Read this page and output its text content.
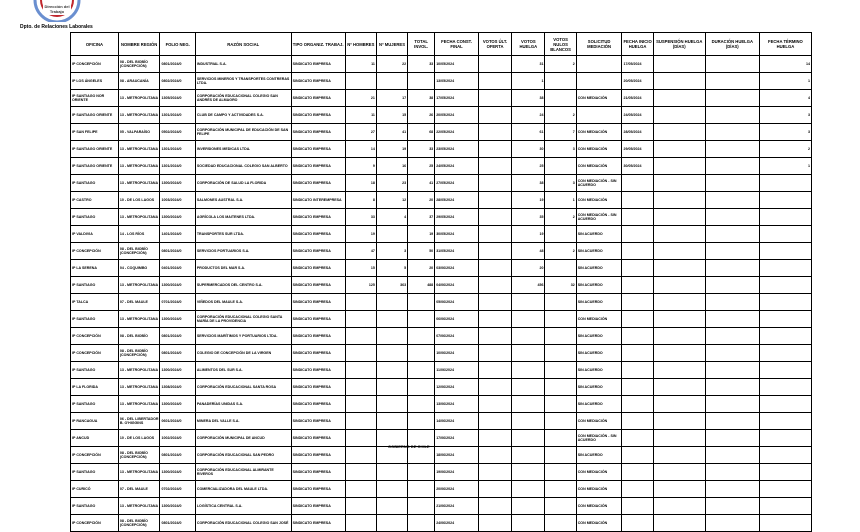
Dirección del
Trabajo
Dpto. de Relaciones Laborales
OFICINA	NOMBRE REGIÓN	FOLIO NEG.	RAZÓN SOCIAL	TIPO ORGANIZ. TRABAJ.	Nº HOMBRES	Nº MUJERES	TOTAL INVOL.	FECHA CONST. FINAL	VOTOS ÚLT. OFERTA	VOTOS HUELGA	VOTOS NULOS BLANCOS	SOLICITUD MEDIACIÓN	FECHA INICIO HUELGA	SUSPENSIÓN HUELGA (DÍAS)	DURACIÓN HUELGA (DÍAS)	FECHA TÉRMINO HUELGA
IP CONCEPCIÓN	08 - DEL BIOBÍO (CONCEPCIÓN)	0801/2024/0	INDUSTRIAL S.A.	SINDICATO EMPRESA	11	22	33	10/05/2024		31	2		17/05/2024			14
IP LOS ÁNGELES	08 - ARAUCANÍA	0802/2024/0	SERVICIOS MINEROS Y TRANSPORTES CONTRERAS LTDA.	SINDICATO EMPRESA				13/05/2024		1			20/05/2024			1
IP SANTIAGO NOR ORIENTE	13 - METROPOLITANA	1305/2024/0	CORPORACIÓN EDUCACIONAL COLEGIO SAN ANDRÉS DE ALMAGRO	SINDICATO EMPRESA	21	17	38	17/05/2024		38		CON MEDIACIÓN	21/05/2024			4
IP SANTIAGO ORIENTE	13 - METROPOLITANA	1301/2024/0	CLUB DE CAMPO Y ACTIVIDADES S.A.	SINDICATO EMPRESA	11	15	26	20/05/2024		24	2		24/05/2024			3
IP SAN FELIPE	05 - VALPARAÍSO	0502/2024/0	CORPORACIÓN MUNICIPAL DE EDUCACIÓN DE SAN FELIPE	SINDICATO EMPRESA	27	41	68	22/05/2024		61	7	CON MEDIACIÓN	28/05/2024			3
IP SANTIAGO ORIENTE	13 - METROPOLITANA	1301/2024/0	INVERSIONES MEDICAS LTDA.	SINDICATO EMPRESA	14	19	33	23/05/2024		30	3	CON MEDIACIÓN	29/05/2024			2
IP SANTIAGO ORIENTE	13 - METROPOLITANA	1301/2024/0	SOCIEDAD EDUCACIONAL COLEGIO SAN ALBERTO	SINDICATO EMPRESA	9	16	25	24/05/2024		25		CON MEDIACIÓN	30/05/2024			1
IP SANTIAGO	13 - METROPOLITANA	1300/2024/0	CORPORACIÓN DE SALUD LA FLORIDA	SINDICATO EMPRESA	18	23	41	27/05/2024		38	3	CON MEDIACIÓN - SIN ACUERDO				
IP CASTRO	10 - DE LOS LAGOS	1003/2024/0	SALMONES AUSTRAL S.A.	SINDICATO INTEREMPRESA	8	12	20	28/05/2024		19	1	CON MEDIACIÓN				
IP SANTIAGO	13 - METROPOLITANA	1300/2024/0	AGRÍCOLA LOS MAITENES LTDA.	SINDICATO EMPRESA	33	4	37	29/05/2024		35	2	CON MEDIACIÓN - SIN ACUERDO				
IP VALDIVIA	14 - LOS RÍOS	1401/2024/0	TRANSPORTES SUR LTDA.	SINDICATO EMPRESA	19		19	30/05/2024		19		SIN ACUERDO				
IP CONCEPCIÓN	08 - DEL BIOBÍO (CONCEPCIÓN)	0801/2024/0	SERVICIOS PORTUARIOS S.A.	SINDICATO EMPRESA	47	3	50	31/05/2024		48	2	SIN ACUERDO				
IP LA SERENA	04 - COQUIMBO	0401/2024/0	PRODUCTOS DEL MAR S.A.	SINDICATO EMPRESA	15	5	20	03/06/2024		20		SIN ACUERDO				
IP SANTIAGO	13 - METROPOLITANA	1300/2024/0	SUPERMERCADOS DEL CENTRO S.A.	SINDICATO EMPRESA	125	363	488	04/06/2024		456	32	SIN ACUERDO				
IP TALCA	07 - DEL MAULE	0701/2024/0	VIÑEDOS DEL MAULE S.A.	SINDICATO EMPRESA				05/06/2024				SIN ACUERDO				
IP SANTIAGO	13 - METROPOLITANA	1300/2024/0	CORPORACIÓN EDUCACIONAL COLEGIO SANTA MARÍA DE LA PROVIDENCIA	SINDICATO EMPRESA				06/06/2024				CON MEDIACIÓN				
IP CONCEPCIÓN	08 - DEL BIOBÍO	0801/2024/0	SERVICIOS MARÍTIMOS Y PORTUARIOS LTDA.	SINDICATO EMPRESA				07/06/2024				SIN ACUERDO				
IP CONCEPCIÓN	08 - DEL BIOBÍO (CONCEPCIÓN)	0801/2024/0	COLEGIO DE CONCEPCIÓN DE LA VIRGEN	SINDICATO EMPRESA				10/06/2024				SIN ACUERDO				
IP SANTIAGO	13 - METROPOLITANA	1300/2024/0	ALIMENTOS DEL SUR S.A.	SINDICATO EMPRESA				11/06/2024				SIN ACUERDO				
IP LA FLORIDA	13 - METROPOLITANA	1308/2024/0	CORPORACIÓN EDUCACIONAL SANTA ROSA	SINDICATO EMPRESA				12/06/2024				SIN ACUERDO				
IP SANTIAGO	13 - METROPOLITANA	1300/2024/0	PANADERÍAS UNIDAS S.A.	SINDICATO EMPRESA				13/06/2024				SIN ACUERDO				
IP RANCAGUA	06 - DEL LIBERTADOR B. O'HIGGINS	0601/2024/0	MINERA DEL VALLE S.A.	SINDICATO EMPRESA				14/06/2024				CON MEDIACIÓN				
IP ANCUD	10 - DE LOS LAGOS	1002/2024/0	CORPORACIÓN MUNICIPAL DE ANCUD	SINDICATO EMPRESA				17/06/2024				CON MEDIACIÓN - SIN ACUERDO				
IP CONCEPCIÓN	08 - DEL BIOBÍO (CONCEPCIÓN)	0801/2024/0	CORPORACIÓN EDUCACIONAL SAN PEDRO	SINDICATO EMPRESA				18/06/2024				SIN ACUERDO				
IP SANTIAGO	13 - METROPOLITANA	1300/2024/0	CORPORACIÓN EDUCACIONAL ALMIRANTE RIVEROS	SINDICATO EMPRESA				19/06/2024				CON MEDIACIÓN				
IP CURICÓ	07 - DEL MAULE	0702/2024/0	COMERCIALIZADORA DEL MAULE LTDA.	SINDICATO EMPRESA				20/06/2024				CON MEDIACIÓN				
IP SANTIAGO	13 - METROPOLITANA	1300/2024/0	LOGÍSTICA CENTRAL S.A.	SINDICATO EMPRESA				21/06/2024				CON MEDIACIÓN				
IP CONCEPCIÓN	08 - DEL BIOBÍO (CONCEPCIÓN)	0801/2024/0	CORPORACIÓN EDUCACIONAL COLEGIO SAN JOSÉ	SINDICATO EMPRESA				24/06/2024				CON MEDIACIÓN				
GOBIERNO DE CHILE
